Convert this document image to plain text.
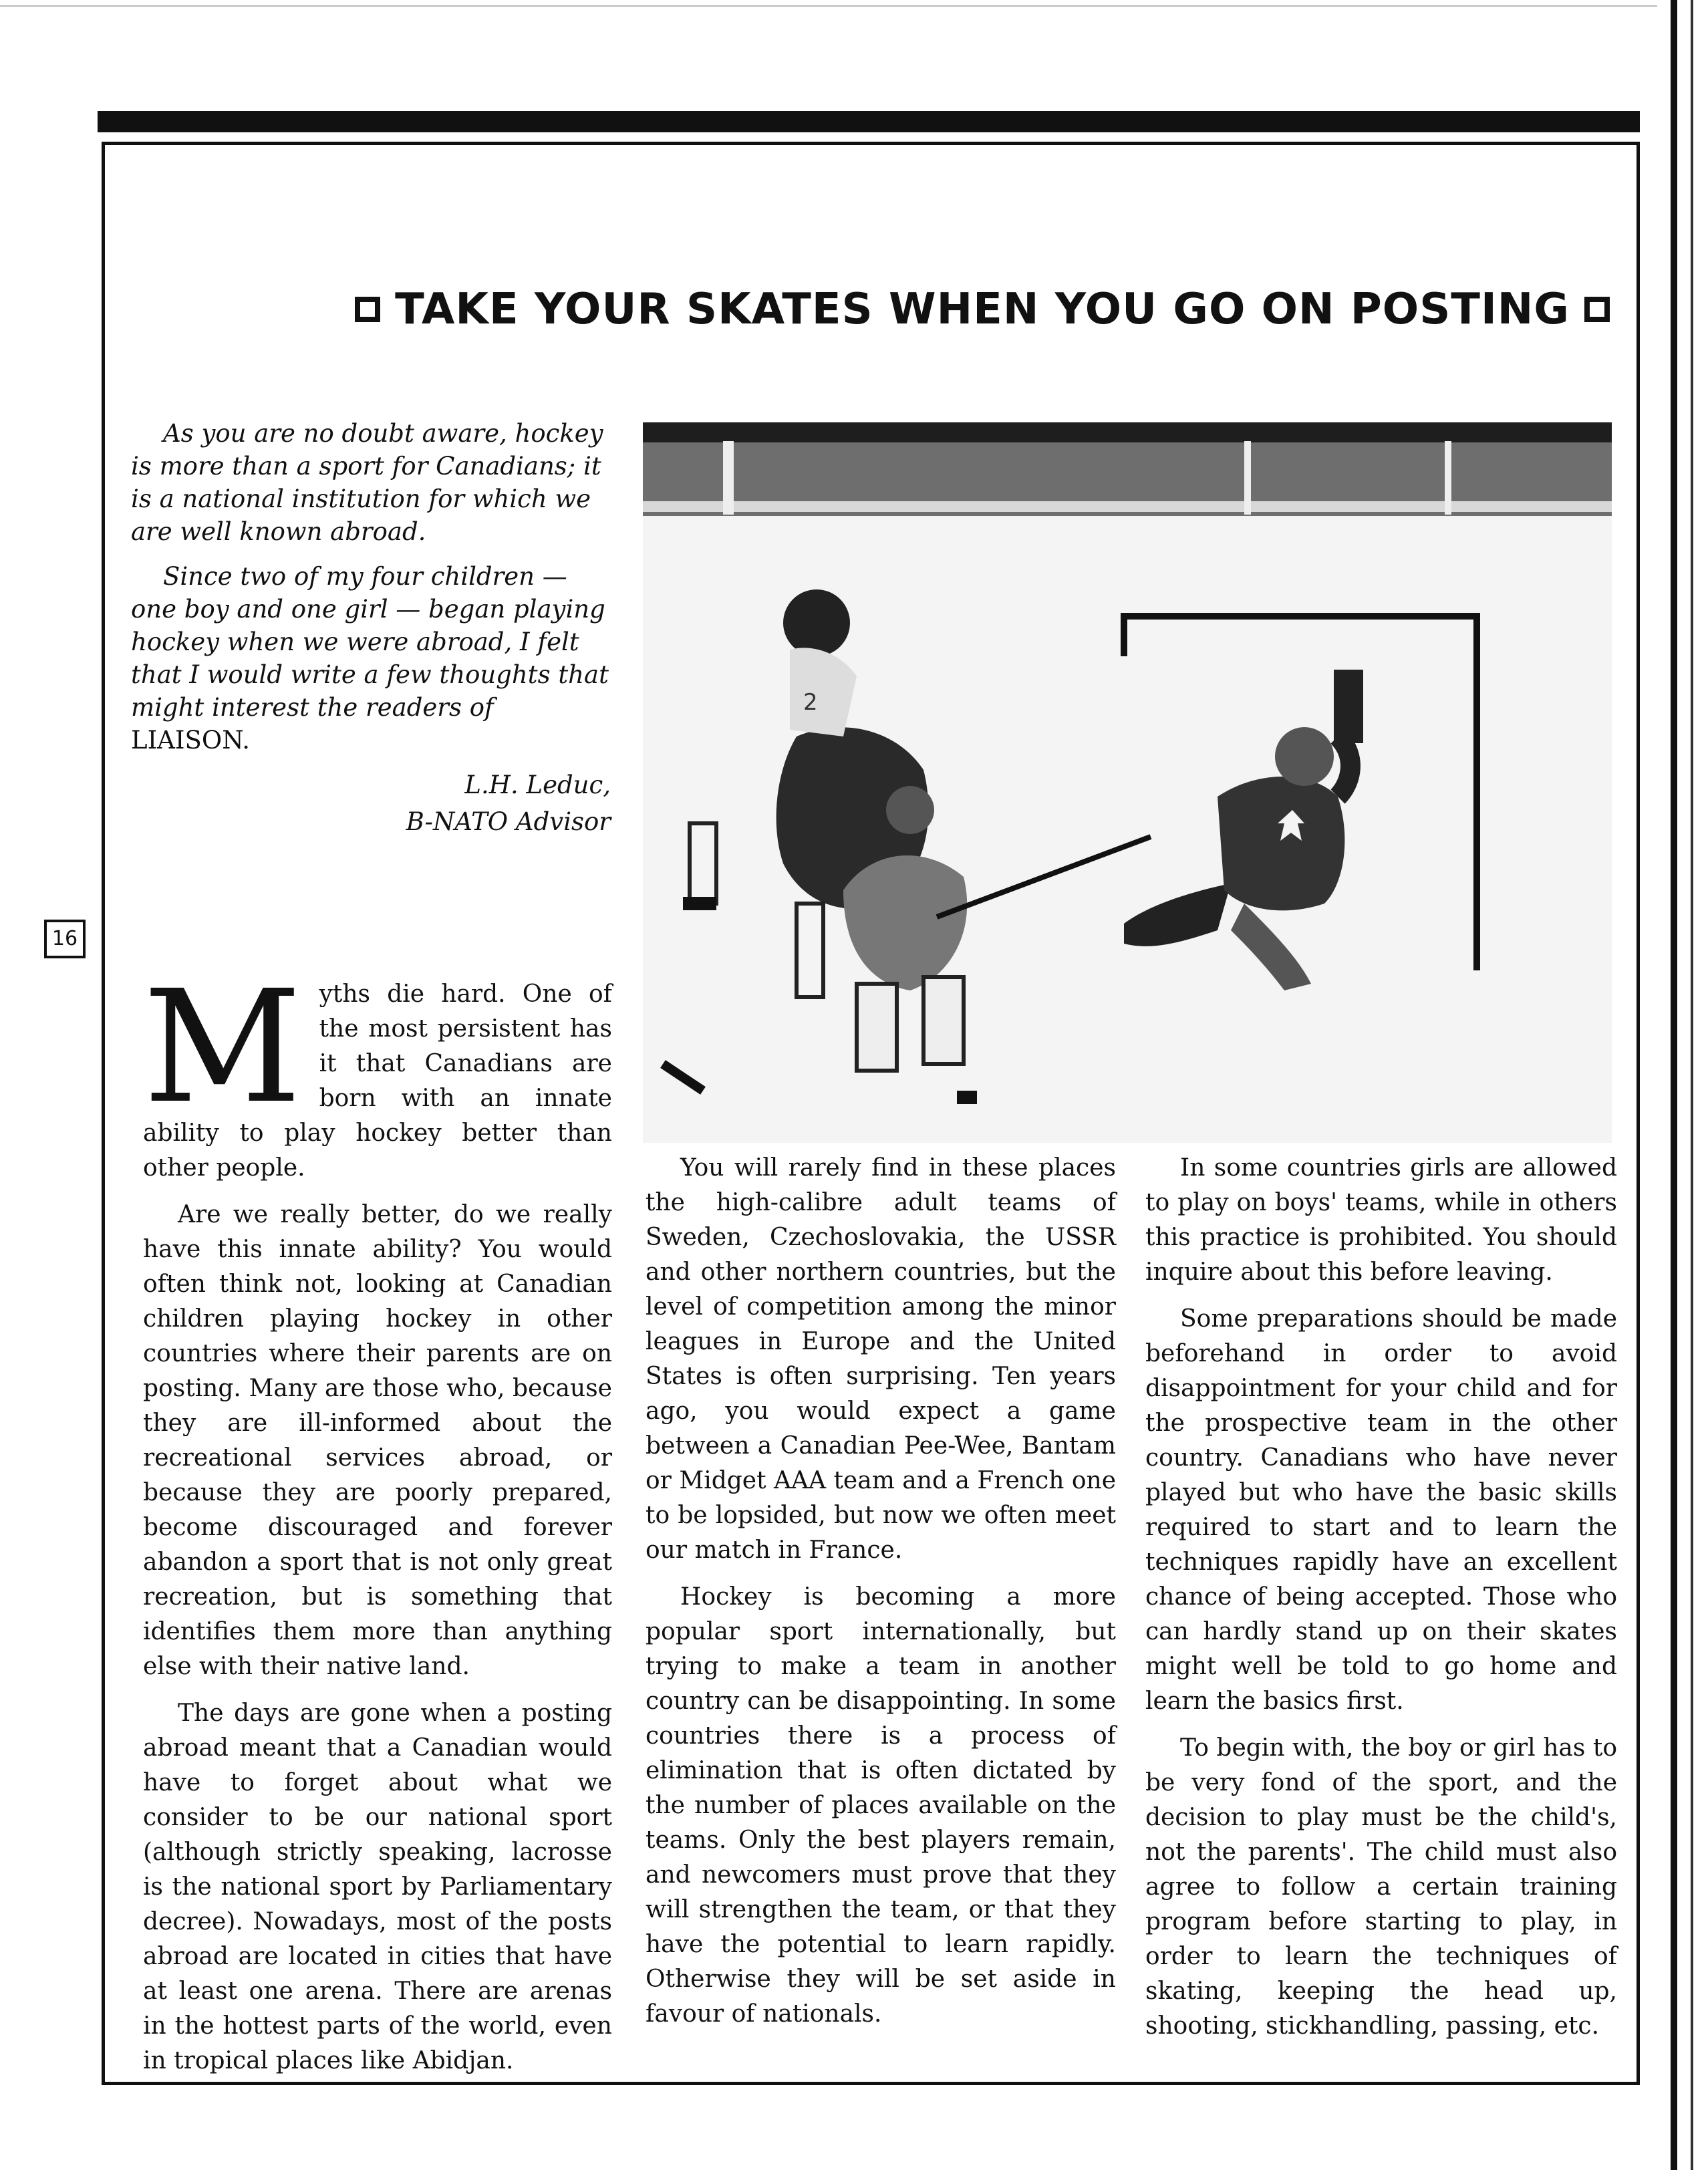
16
TAKE YOUR SKATES WHEN YOU GO ON POSTING

As you are no doubt aware, hockey is more than a sport for Canadians; it is a national institution for which we are well known abroad.

Since two of my four children — one boy and one girl — began playing hockey when we were abroad, I felt that I would write a few thoughts that might interest the readers of LIAISON.

L.H. Leduc,
B-NATO Advisor
2

Myths die hard. One of the most persistent has it that Canadians are born with an innate ability to play hockey better than other people.

Are we really better, do we really have this innate ability? You would often think not, looking at Canadian children playing hockey in other countries where their parents are on posting. Many are those who, because they are ill-informed about the recreational services abroad, or because they are poorly prepared, become discouraged and forever abandon a sport that is not only great recreation, but is something that identifies them more than anything else with their native land.

The days are gone when a posting abroad meant that a Canadian would have to forget about what we consider to be our national sport (although strictly speaking, lacrosse is the national sport by Parliamentary decree). Nowadays, most of the posts abroad are located in cities that have at least one arena. There are arenas in the hottest parts of the world, even in tropical places like Abidjan.

You will rarely find in these places the high-calibre adult teams of Sweden, Czechoslovakia, the USSR and other northern countries, but the level of competition among the minor leagues in Europe and the United States is often surprising. Ten years ago, you would expect a game between a Canadian Pee-Wee, Bantam or Midget AAA team and a French one to be lopsided, but now we often meet our match in France.

Hockey is becoming a more popular sport internationally, but trying to make a team in another country can be disappointing. In some countries there is a process of elimination that is often dictated by the number of places available on the teams. Only the best players remain, and newcomers must prove that they will strengthen the team, or that they have the potential to learn rapidly. Otherwise they will be set aside in favour of nationals.

In some countries girls are allowed to play on boys' teams, while in others this practice is prohibited. You should inquire about this before leaving.

Some preparations should be made beforehand in order to avoid disappointment for your child and for the prospective team in the other country. Canadians who have never played but who have the basic skills required to start and to learn the techniques rapidly have an excellent chance of being accepted. Those who can hardly stand up on their skates might well be told to go home and learn the basics first.

To begin with, the boy or girl has to be very fond of the sport, and the decision to play must be the child's, not the parents'. The child must also agree to follow a certain training program before starting to play, in order to learn the techniques of skating, keeping the head up, shooting, stickhandling, passing, etc.
